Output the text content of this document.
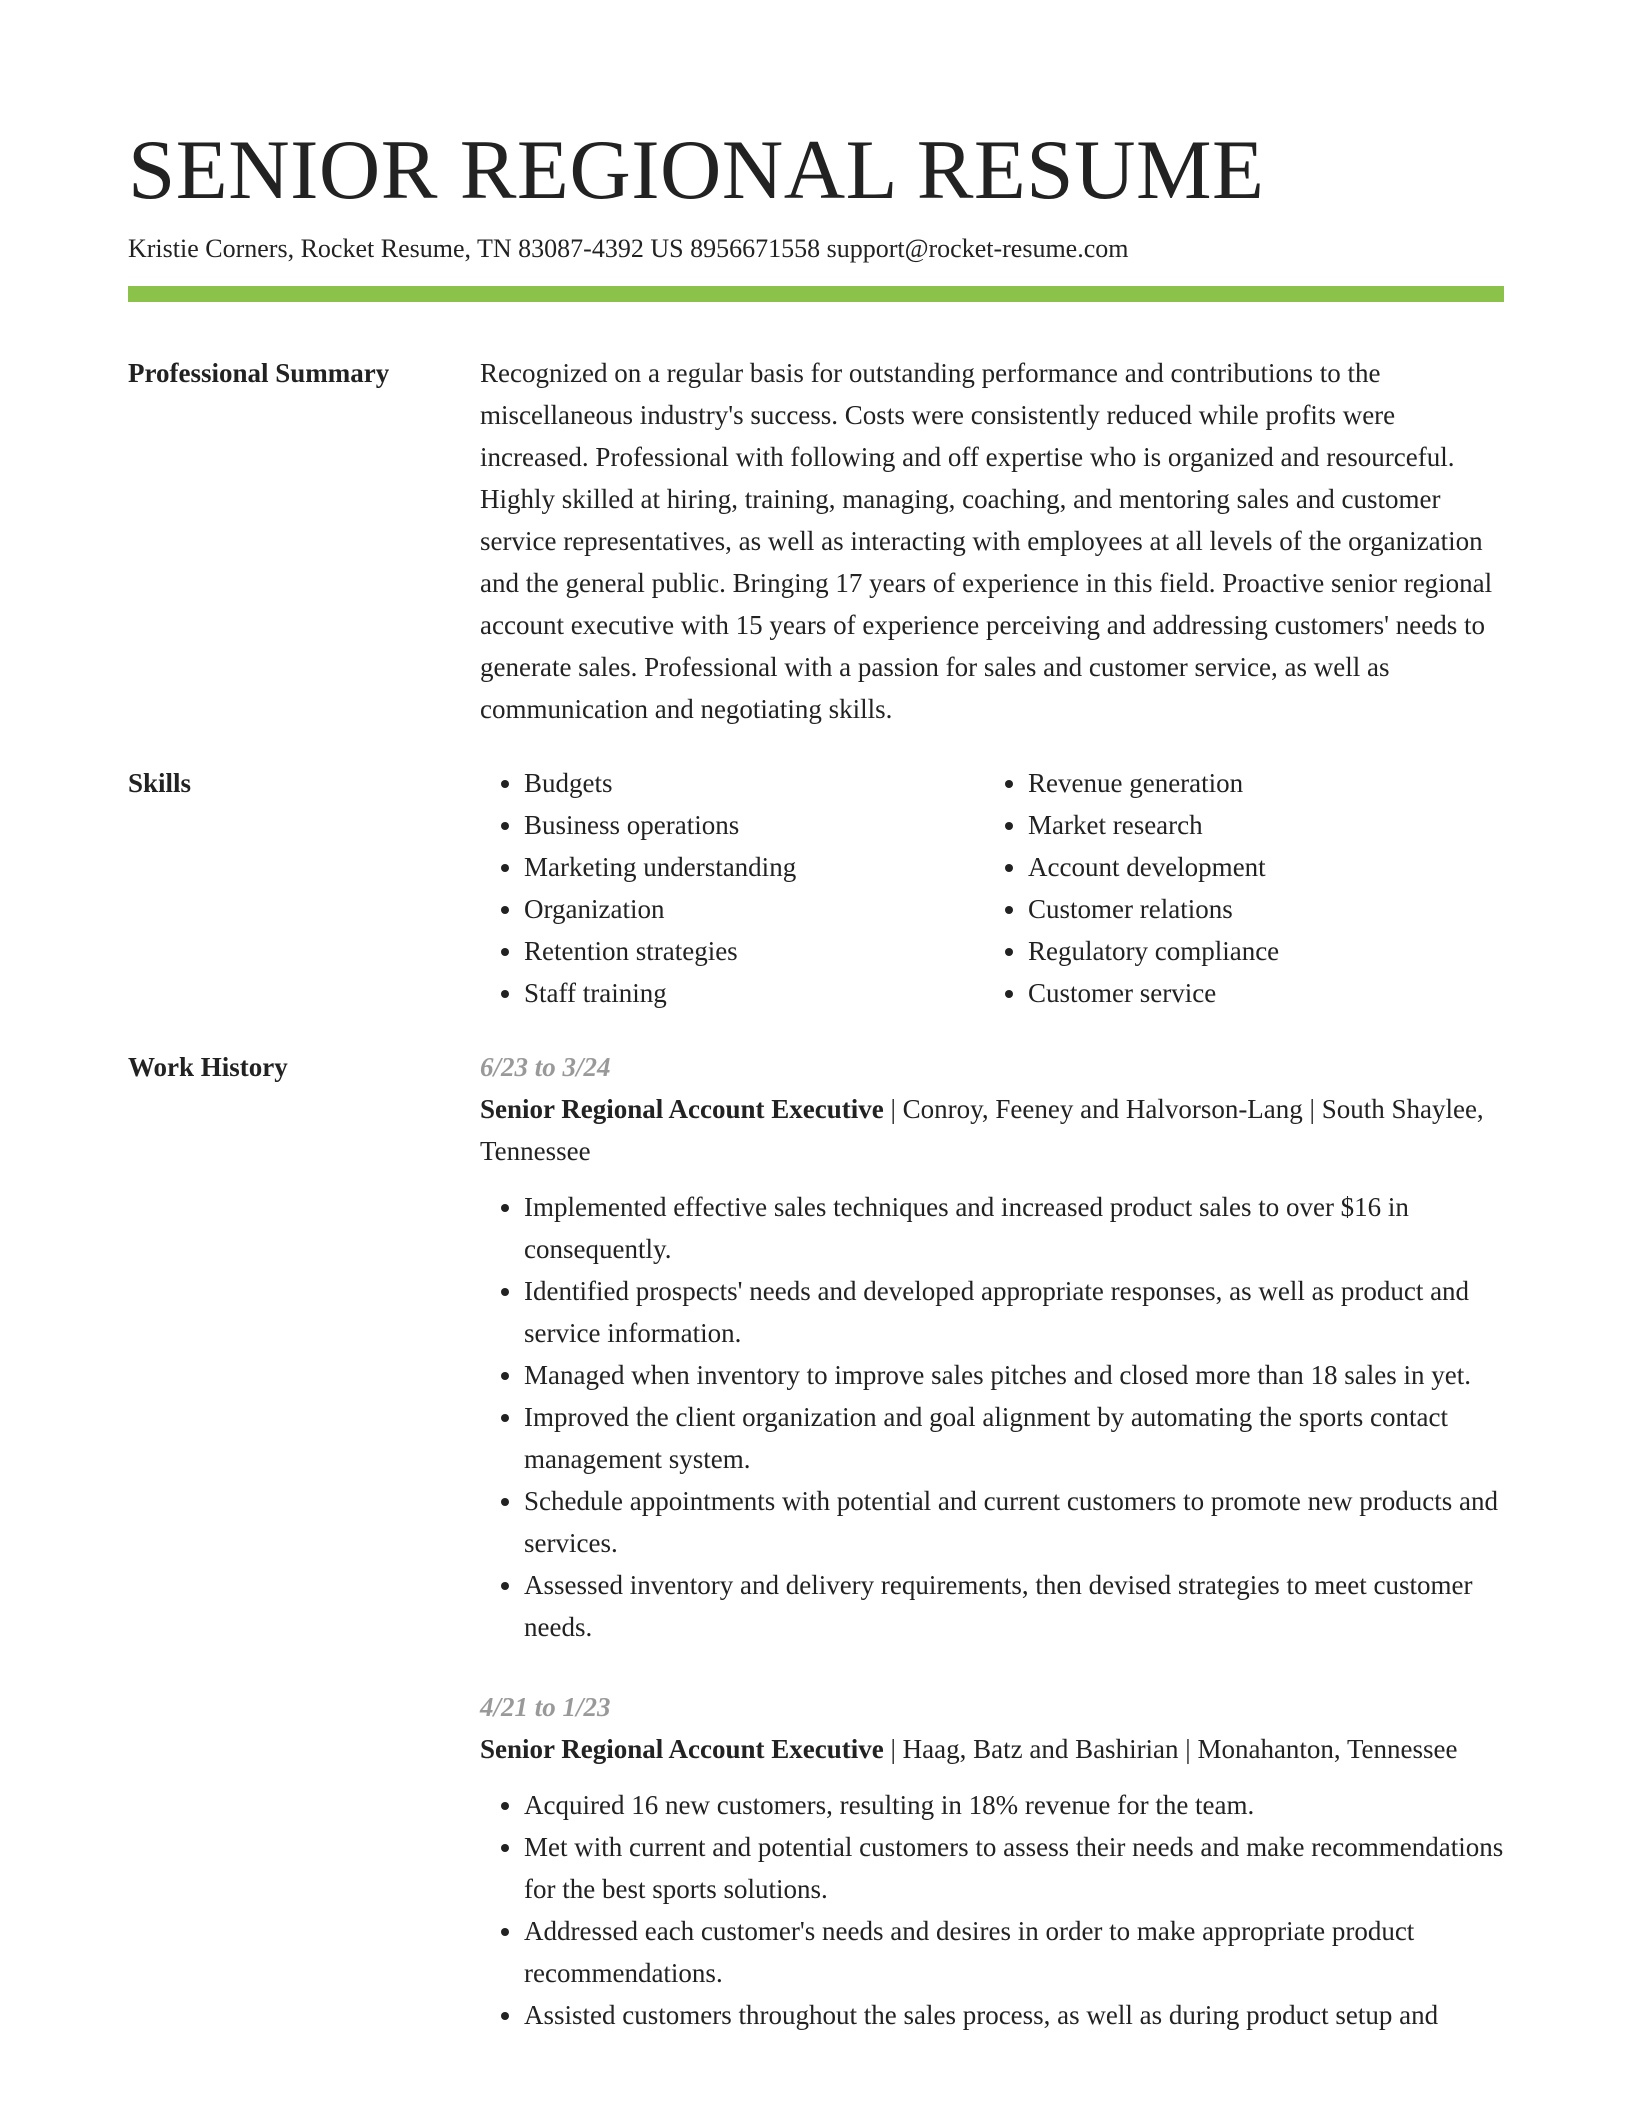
SENIOR REGIONAL RESUME
Kristie Corners, Rocket Resume, TN 83087-4392 US 8956671558 support@rocket-resume.com
Professional Summary	Recognized on a regular basis for outstanding performance and contributions to the miscellaneous industry's success. Costs were consistently reduced while profits were increased. Professional with following and off expertise who is organized and resourceful. Highly skilled at hiring, training, managing, coaching, and mentoring sales and customer service representatives, as well as interacting with employees at all levels of the organization and the general public. Bringing 17 years of experience in this field. Proactive senior regional account executive with 15 years of experience perceiving and addressing customers' needs to generate sales. Professional with a passion for sales and customer service, as well as communication and negotiating skills.
Skills
•	Budgets
• Business operations
• Marketing understanding
• Organization
• Retention strategies
• Staff training
• Revenue generation
• Market research
• Account development
• Customer relations
• Regulatory compliance
• Customer service
Work History	6/23 to 3/24
Senior Regional Account Executive | Conroy, Feeney and Halvorson-Lang | South Shaylee, Tennessee
• Implemented effective sales techniques and increased product sales to over $16 in consequently.
• Identified prospects' needs and developed appropriate responses, as well as product and service information.
• Managed when inventory to improve sales pitches and closed more than 18 sales in yet.
• Improved the client organization and goal alignment by automating the sports contact management system.
• Schedule appointments with potential and current customers to promote new products and services.
• Assessed inventory and delivery requirements, then devised strategies to meet customer needs.
4/21 to 1/23
Senior Regional Account Executive | Haag, Batz and Bashirian | Monahanton, Tennessee
• Acquired 16 new customers, resulting in 18% revenue for the team.
• Met with current and potential customers to assess their needs and make recommendations for the best sports solutions.
• Addressed each customer's needs and desires in order to make appropriate product recommendations.
• Assisted customers throughout the sales process, as well as during product setup and
